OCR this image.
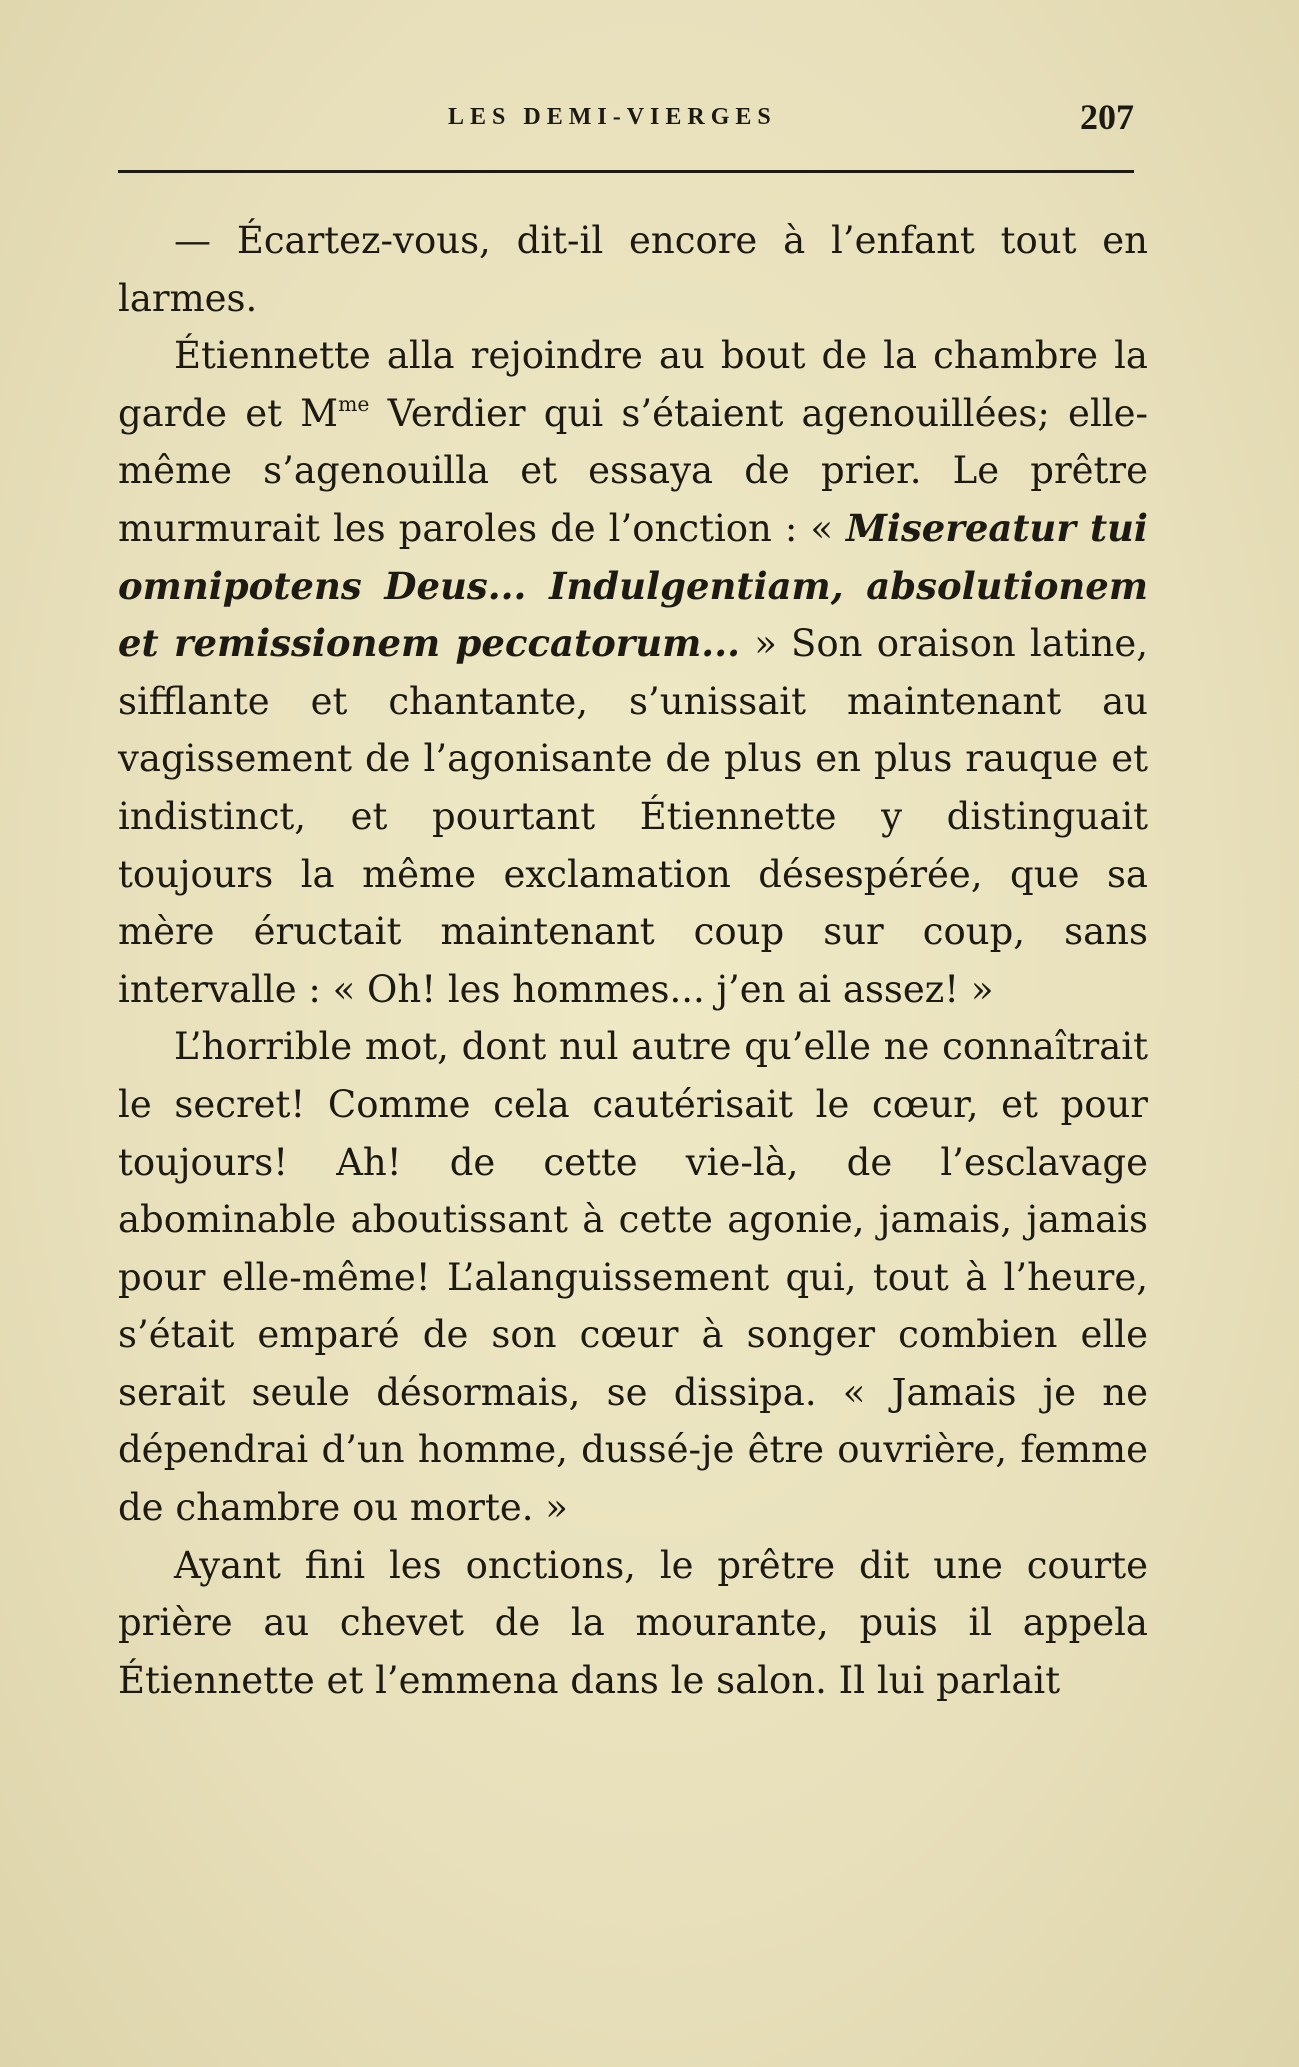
LES DEMI-VIERGES	207

— Écartez-vous, dit-il encore à l’enfant tout en larmes.

Étiennette alla rejoindre au bout de la chambre la garde et $M^{me}$ Verdier qui s’étaient agenouillées; elle-même s’agenouilla et essaya de prier. Le prêtre murmurait les paroles de l’onction : « Misereatur tui omnipotens Deus... Indulgentiam, absolutionem et remissionem peccatorum... » Son oraison latine, sifflante et chantante, s’unissait maintenant au vagissement de l’agonisante de plus en plus rauque et indistinct, et pourtant Étiennette y distinguait toujours la même exclamation désespérée, que sa mère éructait maintenant coup sur coup, sans intervalle : « Oh! les hommes... j’en ai assez! »

L’horrible mot, dont nul autre qu’elle ne connaîtrait le secret! Comme cela cautérisait le cœur, et pour toujours! Ah! de cette vie-là, de l’esclavage abominable aboutissant à cette agonie, jamais, jamais pour elle-même! L’alanguissement qui, tout à l’heure, s’était emparé de son cœur à songer combien elle serait seule désormais, se dissipa. « Jamais je ne dépendrai d’un homme, dussé-je être ouvrière, femme de chambre ou morte. »

Ayant fini les onctions, le prêtre dit une courte prière au chevet de la mourante, puis il appela Étiennette et l’emmena dans le salon. Il lui parlait
